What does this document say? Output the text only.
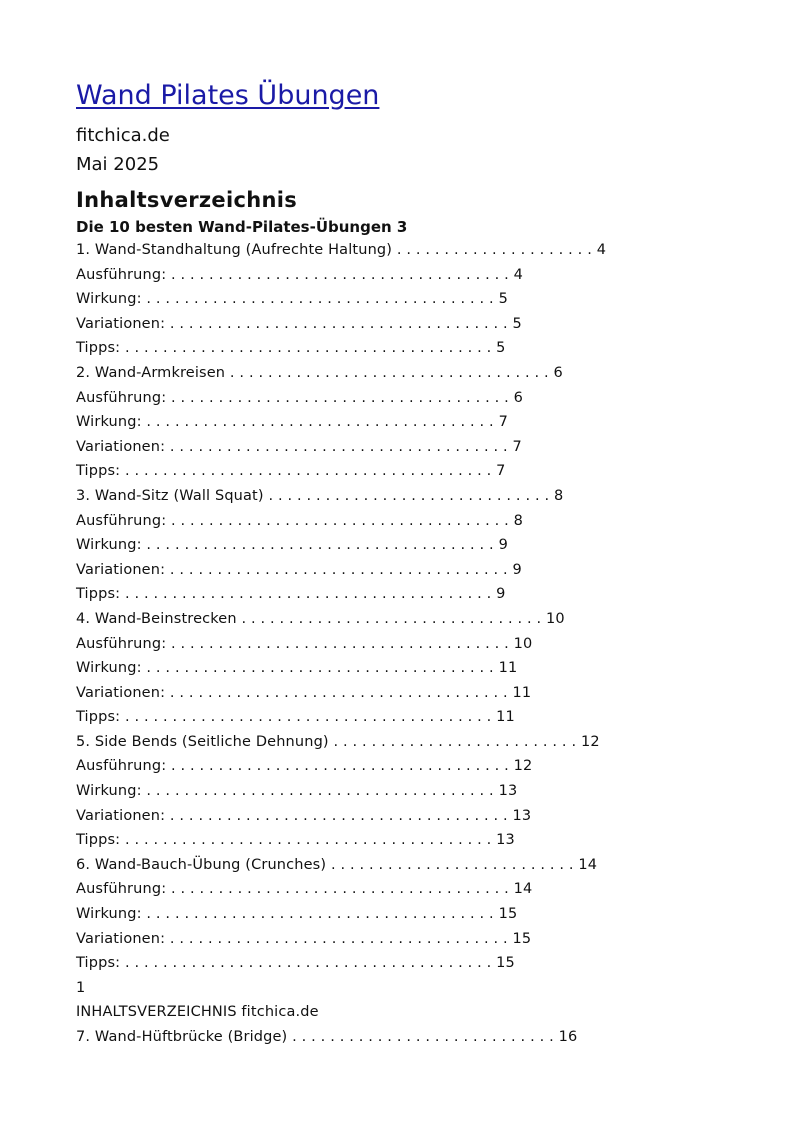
Wand Pilates Übungen

fitchica.de

Mai 2025

Inhaltsverzeichnis
Die 10 besten Wand-Pilates-Übungen 3
1. Wand-Standhaltung (Aufrechte Haltung) . . . . . . . . . . . . . . . . . . . . . 4
Ausführung: . . . . . . . . . . . . . . . . . . . . . . . . . . . . . . . . . . . . 4
Wirkung: . . . . . . . . . . . . . . . . . . . . . . . . . . . . . . . . . . . . . 5
Variationen: . . . . . . . . . . . . . . . . . . . . . . . . . . . . . . . . . . . . 5
Tipps: . . . . . . . . . . . . . . . . . . . . . . . . . . . . . . . . . . . . . . . 5
2. Wand-Armkreisen . . . . . . . . . . . . . . . . . . . . . . . . . . . . . . . . . . 6
Ausführung: . . . . . . . . . . . . . . . . . . . . . . . . . . . . . . . . . . . . 6
Wirkung: . . . . . . . . . . . . . . . . . . . . . . . . . . . . . . . . . . . . . 7
Variationen: . . . . . . . . . . . . . . . . . . . . . . . . . . . . . . . . . . . . 7
Tipps: . . . . . . . . . . . . . . . . . . . . . . . . . . . . . . . . . . . . . . . 7
3. Wand-Sitz (Wall Squat) . . . . . . . . . . . . . . . . . . . . . . . . . . . . . . 8
Ausführung: . . . . . . . . . . . . . . . . . . . . . . . . . . . . . . . . . . . . 8
Wirkung: . . . . . . . . . . . . . . . . . . . . . . . . . . . . . . . . . . . . . 9
Variationen: . . . . . . . . . . . . . . . . . . . . . . . . . . . . . . . . . . . . 9
Tipps: . . . . . . . . . . . . . . . . . . . . . . . . . . . . . . . . . . . . . . . 9
4. Wand-Beinstrecken . . . . . . . . . . . . . . . . . . . . . . . . . . . . . . . . 10
Ausführung: . . . . . . . . . . . . . . . . . . . . . . . . . . . . . . . . . . . . 10
Wirkung: . . . . . . . . . . . . . . . . . . . . . . . . . . . . . . . . . . . . . 11
Variationen: . . . . . . . . . . . . . . . . . . . . . . . . . . . . . . . . . . . . 11
Tipps: . . . . . . . . . . . . . . . . . . . . . . . . . . . . . . . . . . . . . . . 11
5. Side Bends (Seitliche Dehnung) . . . . . . . . . . . . . . . . . . . . . . . . . . 12
Ausführung: . . . . . . . . . . . . . . . . . . . . . . . . . . . . . . . . . . . . 12
Wirkung: . . . . . . . . . . . . . . . . . . . . . . . . . . . . . . . . . . . . . 13
Variationen: . . . . . . . . . . . . . . . . . . . . . . . . . . . . . . . . . . . . 13
Tipps: . . . . . . . . . . . . . . . . . . . . . . . . . . . . . . . . . . . . . . . 13
6. Wand-Bauch-Übung (Crunches) . . . . . . . . . . . . . . . . . . . . . . . . . . 14
Ausführung: . . . . . . . . . . . . . . . . . . . . . . . . . . . . . . . . . . . . 14
Wirkung: . . . . . . . . . . . . . . . . . . . . . . . . . . . . . . . . . . . . . 15
Variationen: . . . . . . . . . . . . . . . . . . . . . . . . . . . . . . . . . . . . 15
Tipps: . . . . . . . . . . . . . . . . . . . . . . . . . . . . . . . . . . . . . . . 15
1
INHALTSVERZEICHNIS fitchica.de
7. Wand-Hüftbrücke (Bridge) . . . . . . . . . . . . . . . . . . . . . . . . . . . . 16
